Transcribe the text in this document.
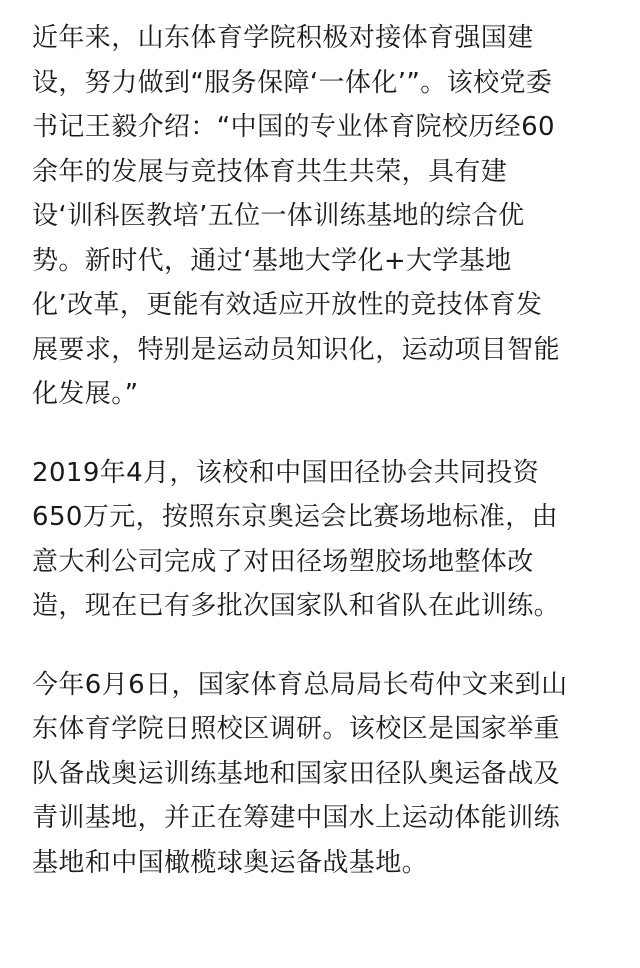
近年来，山东体育学院积极对接体育强国建
设，努力做到“服务保障‘一体化’”。该校党委
书记王毅介绍：“中国的专业体育院校历经60
余年的发展与竞技体育共生共荣，具有建
设‘训科医教培’五位一体训练基地的综合优
势。新时代，通过‘基地大学化+大学基地
化’改革，更能有效适应开放性的竞技体育发
展要求，特别是运动员知识化，运动项目智能
化发展。”

2019年4月，该校和中国田径协会共同投资
650万元，按照东京奥运会比赛场地标准，由
意大利公司完成了对田径场塑胶场地整体改
造，现在已有多批次国家队和省队在此训练。

今年6月6日，国家体育总局局长苟仲文来到山
东体育学院日照校区调研。该校区是国家举重
队备战奥运训练基地和国家田径队奥运备战及
青训基地，并正在筹建中国水上运动体能训练
基地和中国橄榄球奥运备战基地。
